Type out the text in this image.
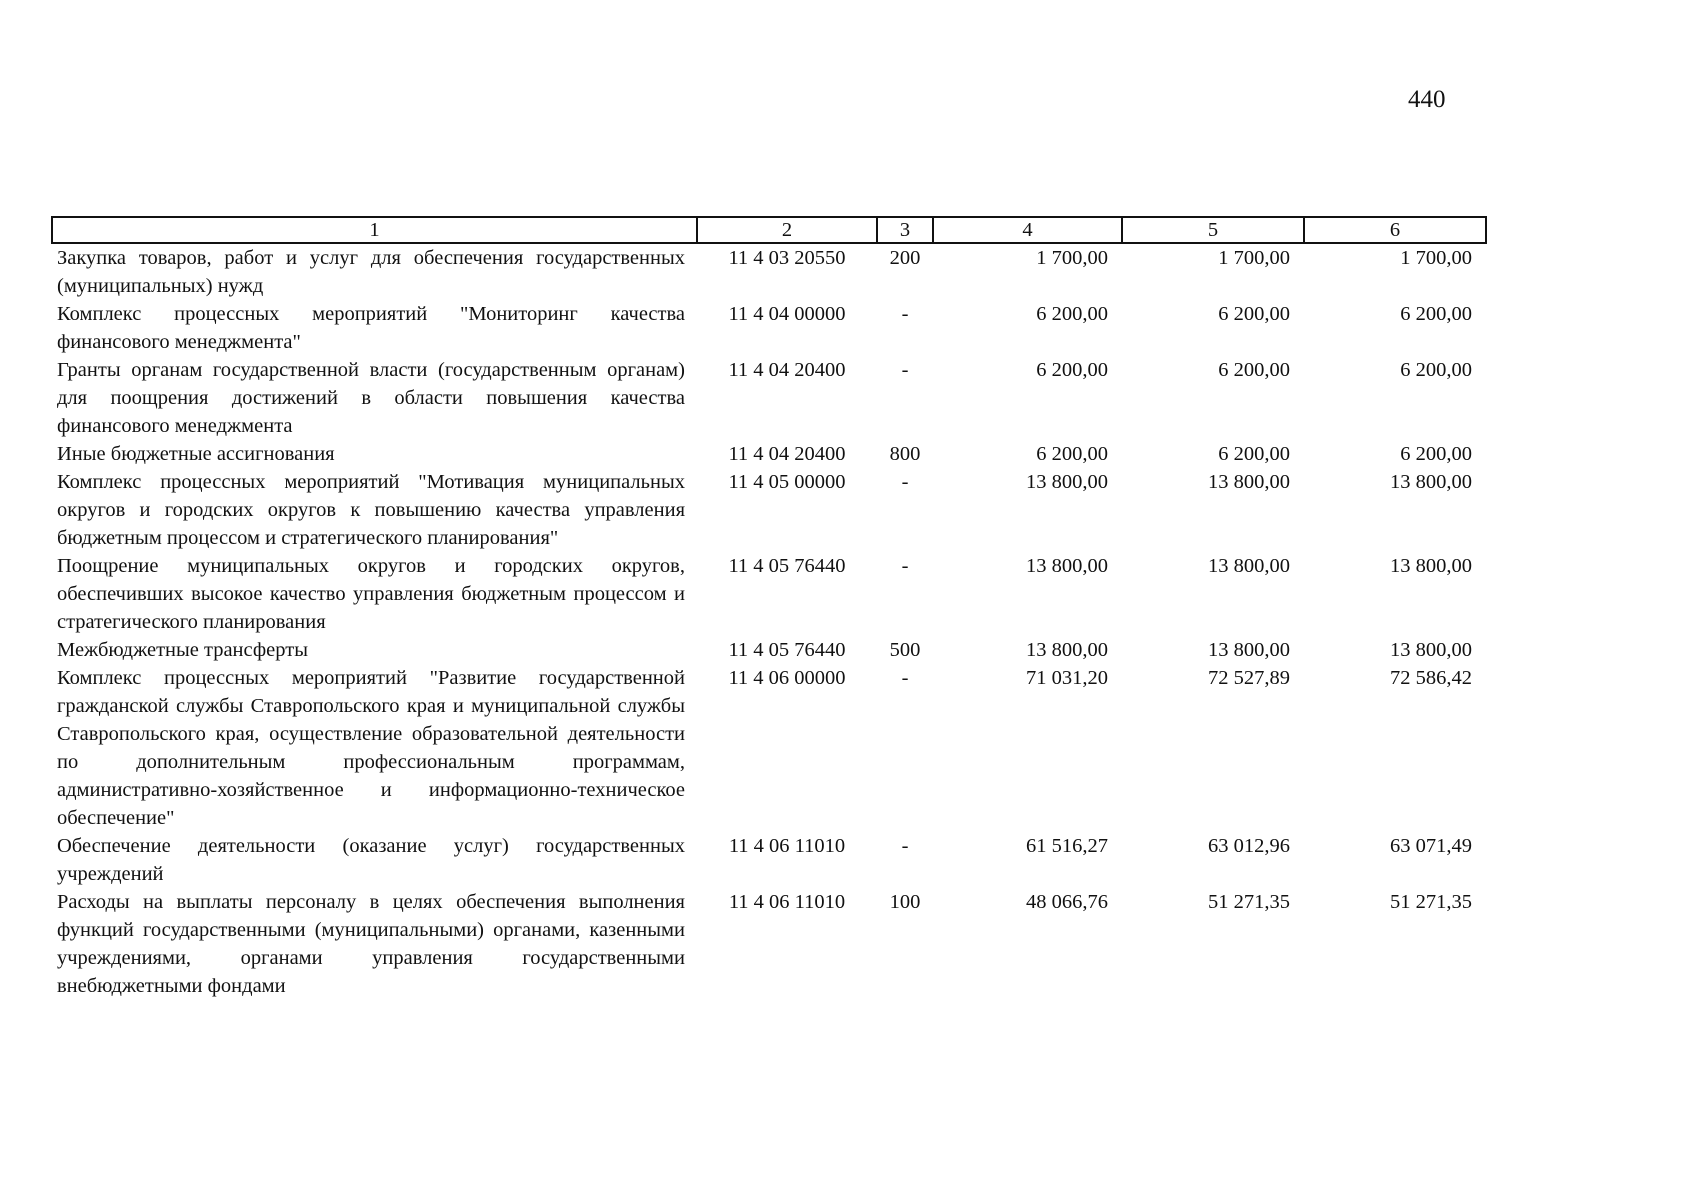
440
1	2	3	4	5	6
Закупка товаров, работ и услуг для обеспечения государственных (муниципальных) нужд	11 4 03 20550	200	1 700,00	1 700,00	1 700,00
Комплекс процессных мероприятий "Мониторинг качества финансового менеджмента"	11 4 04 00000	-	6 200,00	6 200,00	6 200,00
Гранты органам государственной власти (государственным органам) для поощрения достижений в области повышения качества финансового менеджмента	11 4 04 20400	-	6 200,00	6 200,00	6 200,00
Иные бюджетные ассигнования	11 4 04 20400	800	6 200,00	6 200,00	6 200,00
Комплекс процессных мероприятий "Мотивация муниципальных округов и городских округов к повышению качества управления бюджетным процессом и стратегического планирования"	11 4 05 00000	-	13 800,00	13 800,00	13 800,00
Поощрение муниципальных округов и городских округов, обеспечивших высокое качество управления бюджетным процессом и стратегического планирования	11 4 05 76440	-	13 800,00	13 800,00	13 800,00
Межбюджетные трансферты	11 4 05 76440	500	13 800,00	13 800,00	13 800,00
Комплекс процессных мероприятий "Развитие государственной гражданской службы Ставропольского края и муниципальной службы Ставропольского края, осуществление образовательной деятельности по дополнительным профессиональным программам, административно-хозяйственное и информационно-техническое обеспечение"	11 4 06 00000	-	71 031,20	72 527,89	72 586,42
Обеспечение деятельности (оказание услуг) государственных учреждений	11 4 06 11010	-	61 516,27	63 012,96	63 071,49
Расходы на выплаты персоналу в целях обеспечения выполнения функций государственными (муниципальными) органами, казенными учреждениями, органами управления государственными внебюджетными фондами	11 4 06 11010	100	48 066,76	51 271,35	51 271,35
